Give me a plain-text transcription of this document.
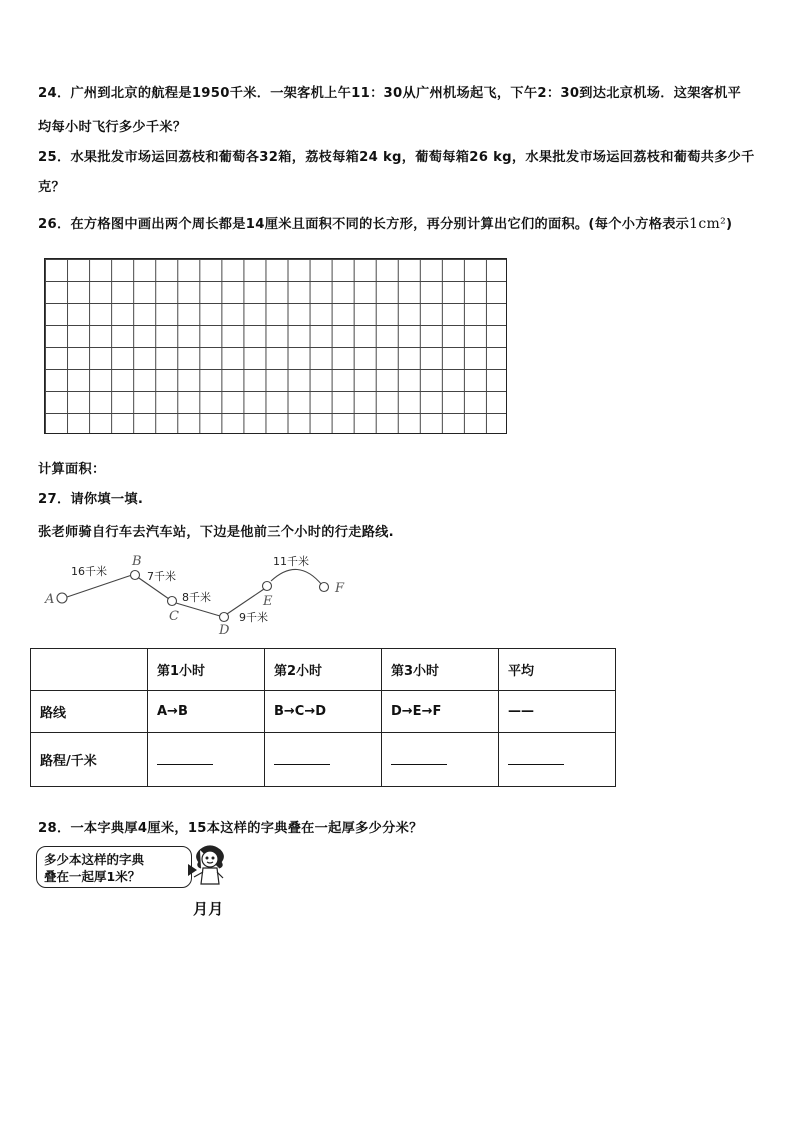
24．广州到北京的航程是1950千米．一架客机上午11：30从广州机场起飞，下午2：30到达北京机场．这架客机平
均每小时飞行多少千米？
25．水果批发市场运回荔枝和葡萄各32箱，荔枝每箱24 kg，葡萄每箱26 kg，水果批发市场运回荔枝和葡萄共多少千
克？
26．在方格图中画出两个周长都是14厘米且面积不同的长方形，再分别计算出它们的面积。(每个小方格表示1cm²)
计算面积：
27．请你填一填.
张老师骑自行车去汽车站，下边是他前三个小时的行走路线.
A
B
C
D
E
F
16千米	7千米
8千米
9千米
11千米
	第1小时	第2小时	第3小时	平均
路线	A→B	B→C→D	D→E→F	——
路程/千米				
28．一本字典厚4厘米，15本这样的字典叠在一起厚多少分米？
多少本这样的字典
叠在一起厚1米？
月月
